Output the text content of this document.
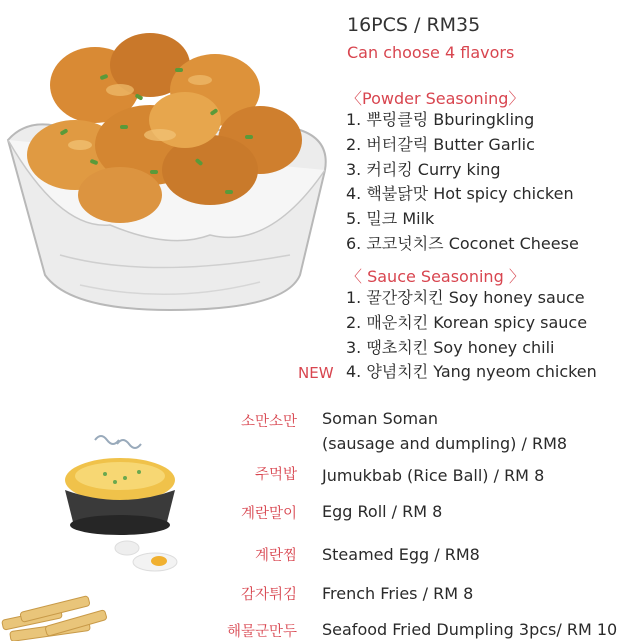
16PCS / RM35
Can choose 4 flavors
〈Powder Seasoning〉
1. 뿌링클링 Bburingkling
2. 버터갈릭 Butter Garlic
3. 커리킹 Curry king
4. 핵불닭맛 Hot spicy chicken
5. 밀크 Milk
6. 코코넛치즈 Coconet Cheese
〈 Sauce Seasoning 〉
1. 꿀간장치킨 Soy honey sauce
2. 매운치킨 Korean spicy sauce
3. 땡초치킨 Soy honey chili
4. 양념치킨 Yang nyeom chicken
NEW
소만소만 Soman Soman
(sausage and dumpling) / RM8
주먹밥 Jumukbab (Rice Ball) / RM 8
계란말이 Egg Roll / RM 8
계란찜 Steamed Egg / RM8
감자튀김 French Fries / RM 8
해물군만두 Seafood Fried Dumpling 3pcs/ RM 10
